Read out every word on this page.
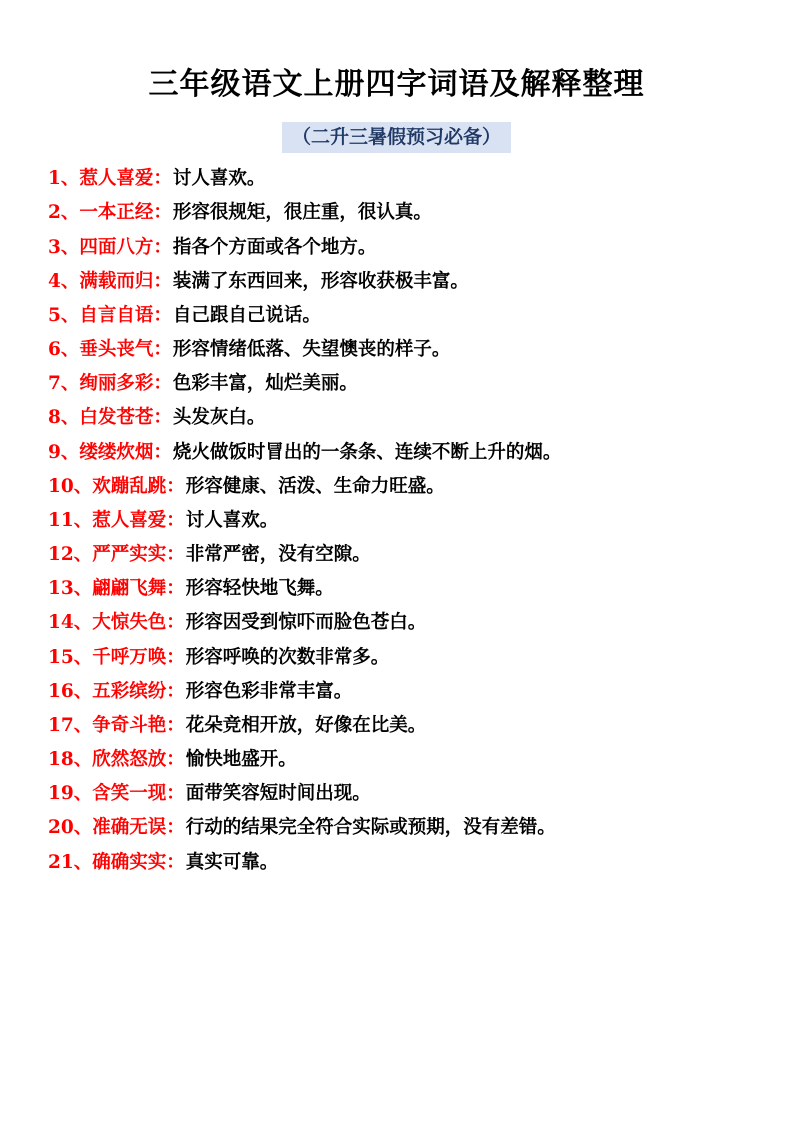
三年级语文上册四字词语及解释整理
（二升三暑假预习必备）
1、惹人喜爱 ： 讨人喜欢。
2、一本正经 ： 形容很规矩，很庄重，很认真。
3、四面八方 ： 指各个方面或各个地方。
4、满载而归 ： 装满了东西回来，形容收获极丰富。
5、自言自语 ： 自己跟自己说话。
6、垂头丧气 ： 形容情绪低落、失望懊丧的样子。
7、绚丽多彩 ： 色彩丰富，灿烂美丽。
8、白发苍苍 ： 头发灰白。
9、缕缕炊烟 ： 烧火做饭时冒出的一条条、连续不断上升的烟。
10、欢蹦乱跳 ： 形容健康、活泼、生命力旺盛。
11、惹人喜爱 ： 讨人喜欢。
12、严严实实 ： 非常严密，没有空隙。
13、翩翩飞舞 ： 形容轻快地飞舞。
14、大惊失色 ： 形容因受到惊吓而脸色苍白。
15、千呼万唤 ： 形容呼唤的次数非常多。
16、五彩缤纷 ： 形容色彩非常丰富。
17、争奇斗艳 ： 花朵竞相开放，好像在比美。
18、欣然怒放 ： 愉快地盛开。
19、含笑一现 ： 面带笑容短时间出现。
20、准确无误 ： 行动的结果完全符合实际或预期，没有差错。
21、确确实实 ： 真实可靠。
